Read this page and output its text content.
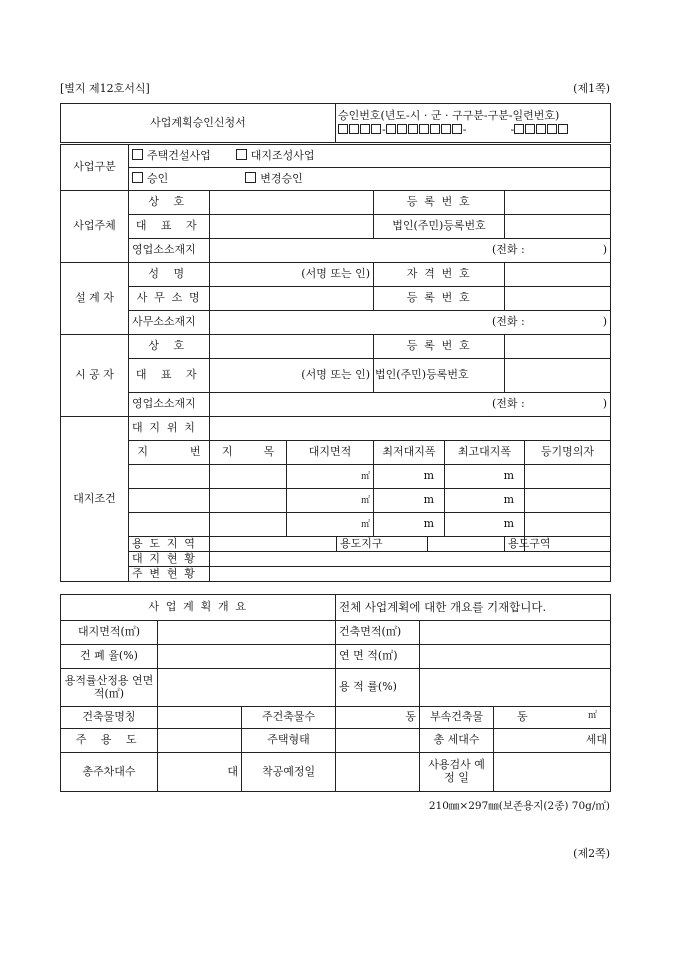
[별지 제12호서식]	(제1쪽)
사업계획승인신청서	
승인번호(년도-시 · 군 · 구구분-구분-일련번호)
-	-	-
사업구분	주택건설사업 대지조성사업								
	승인 변경승인								
사업주체	상 호				등 록 번 호				
	대 표 자				법인(주민)등록번호				
	영업소소재지	(전화 : )							

설 계 자	성 명	(서명 또는 인)			자 격 번 호				
	사 무 소 명				등 록 번 호				
	사무소소재지	(전화 : )							

시 공 자	상 호				등 록 번 호				
	대 표 자	(서명 또는 인)			법인(주민)등록번호				
	영업소소재지	(전화 : )							

대지조건	대 지 위 치								
	지 번	지 목	대지면적		최저대지폭		최고대지폭		등기명의자
			㎡		m		m		
			㎡		m		m		
			㎡		m		m		
	용 도 지 역			용도지구				용도구역	
	대 지 현 황								
	주 변 현 황								
사 업 계 획 개 요			전체 사업계획에 대한 개요를 기재합니다.		
대지면적(㎡)			건축면적(㎡)		
건 폐 율(%)			연 면 적(㎡)		
용적률산정용 연면적(㎡)			용 적 률(%)		
건축물명칭		주건축물수	동	부속건축물	동 ㎡

주 용 도		주택형태		총 세대수	세대
총주차대수	대	착공예정일		사용검사 예 정 일	
210㎜×297㎜(보존용지(2종) 70g/㎡)
(제2쪽)
